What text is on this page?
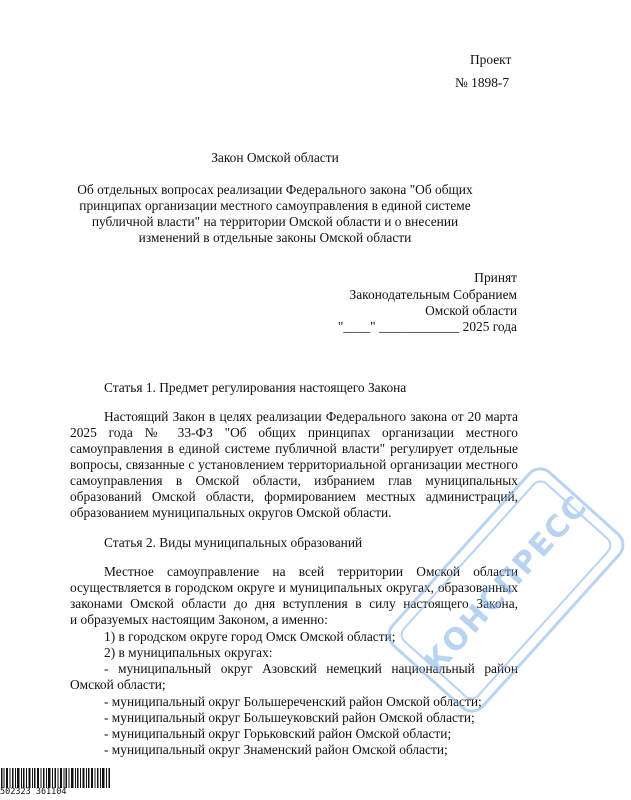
Проект
№ 1898-7
Закон Омской области
Об отдельных вопросах реализации Федерального закона "Об общих
принципах организации местного самоуправления в единой системе
публичной власти" на территории Омской области и о внесении
изменений в отдельные законы Омской области
Принят
Законодательным Собранием
Омской области
"____" ____________ 2025 года
Статья 1. Предмет регулирования настоящего Закона
Настоящий Закон в целях реализации Федерального закона от 20 марта
2025 года № 33-ФЗ "Об общих принципах организации местного
самоуправления в единой системе публичной власти" регулирует отдельные
вопросы, связанные с установлением территориальной организации местного
самоуправления в Омской области, избранием глав муниципальных
образований Омской области, формированием местных администраций,
образованием муниципальных округов Омской области.
Статья 2. Виды муниципальных образований
Местное самоуправление на всей территории Омской области
осуществляется в городском округе и муниципальных округах, образованных
законами Омской области до дня вступления в силу настоящего Закона,
и образуемых настоящим Законом, а именно:
1) в городском округе город Омск Омской области;
2) в муниципальных округах:
- муниципальный округ Азовский немецкий национальный район
Омской области;
- муниципальный округ Большереченский район Омской области;
- муниципальный округ Большеуковский район Омской области;
- муниципальный округ Горьковский район Омской области;
- муниципальный округ Знаменский район Омской области;
КОНСПРЕСС
502323 361104
